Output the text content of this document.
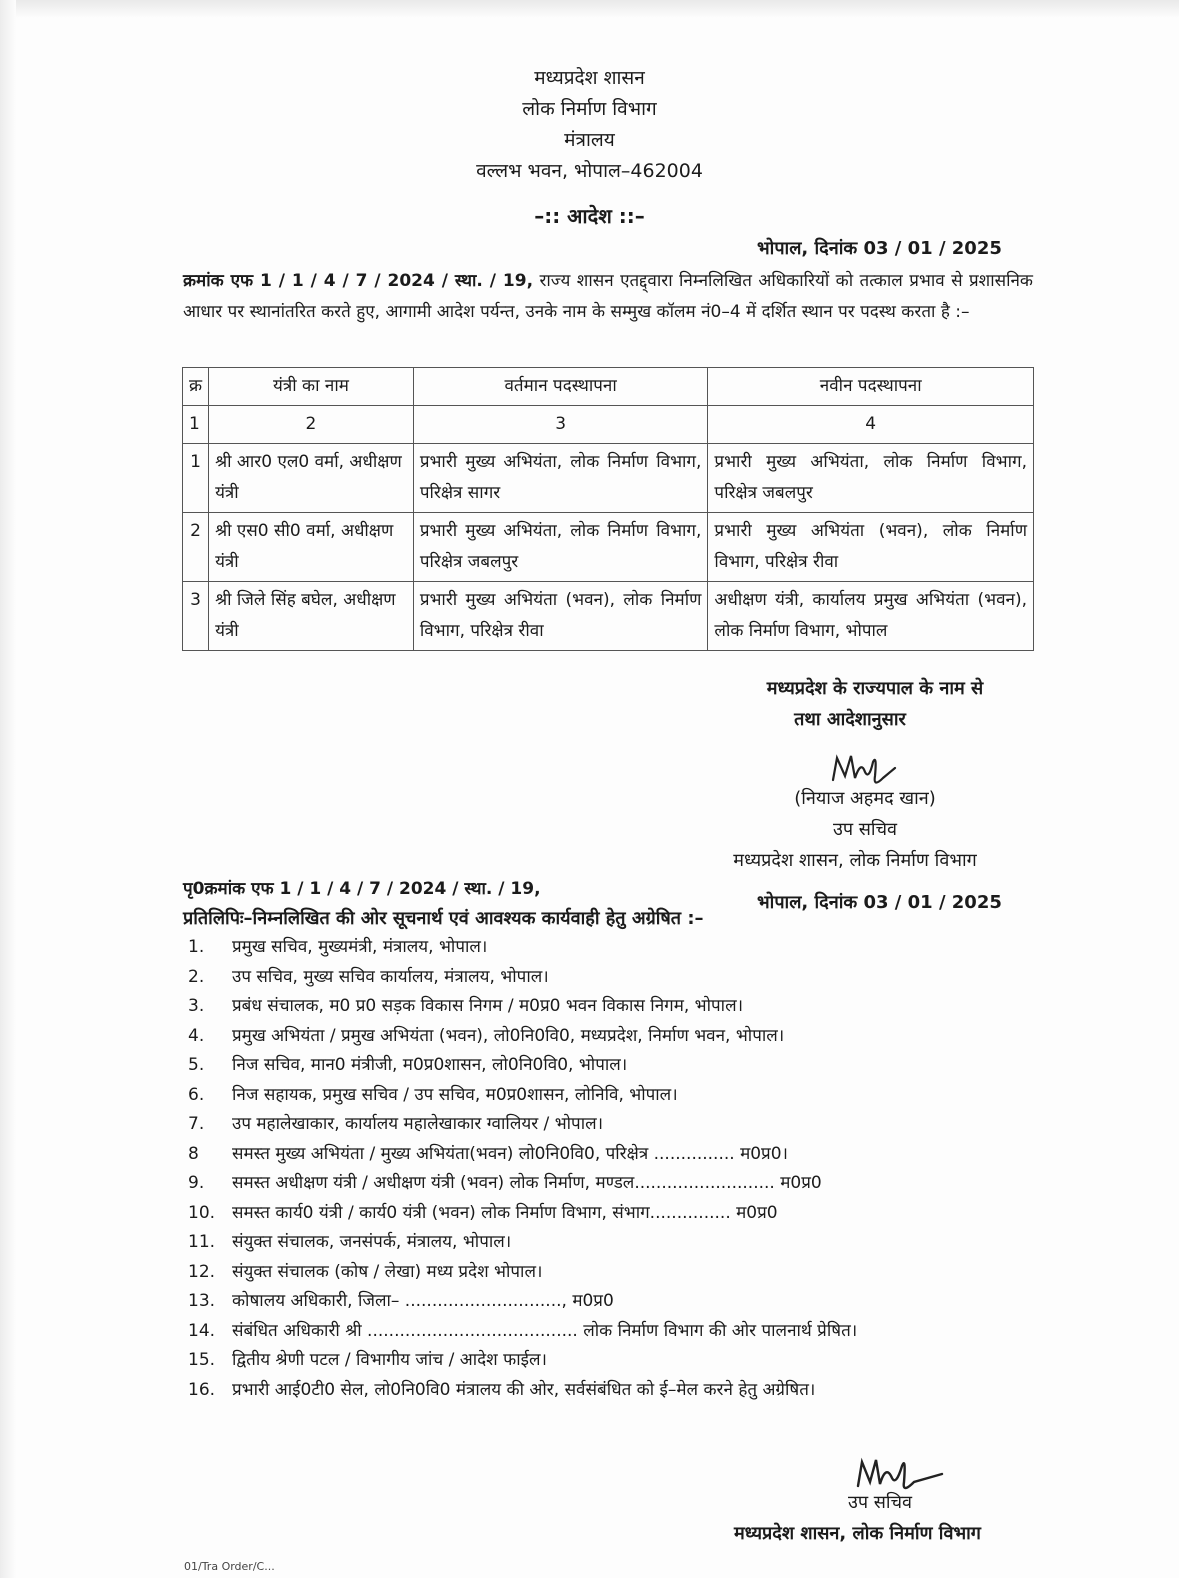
मध्यप्रदेश शासन
लोक निर्माण विभाग
मंत्रालय
वल्लभ भवन, भोपाल–462004
–:: आदेश ::–
भोपाल, दिनांक 03 / 01 / 2025
क्रमांक एफ 1 / 1 / 4 / 7 / 2024 / स्था. / 19, राज्य शासन एतद्द्वारा निम्नलिखित अधिकारियों को तत्काल प्रभाव से प्रशासनिक आधार पर स्थानांतरित करते हुए, आगामी आदेश पर्यन्त, उनके नाम के सम्मुख कॉलम नं0–4 में दर्शित स्थान पर पदस्थ करता है :–
क्र	यंत्री का नाम	वर्तमान पदस्थापना	नवीन पदस्थापना
1	2	3	4
1	श्री आर0 एल0 वर्मा, अधीक्षण यंत्री	प्रभारी मुख्य अभियंता, लोक निर्माण विभाग, परिक्षेत्र सागर	प्रभारी मुख्य अभियंता, लोक निर्माण विभाग, परिक्षेत्र जबलपुर
2	श्री एस0 सी0 वर्मा, अधीक्षण यंत्री	प्रभारी मुख्य अभियंता, लोक निर्माण विभाग, परिक्षेत्र जबलपुर	प्रभारी मुख्य अभियंता (भवन), लोक निर्माण विभाग, परिक्षेत्र रीवा
3	श्री जिले सिंह बघेल, अधीक्षण यंत्री	प्रभारी मुख्य अभियंता (भवन), लोक निर्माण विभाग, परिक्षेत्र रीवा	अधीक्षण यंत्री, कार्यालय प्रमुख अभियंता (भवन), लोक निर्माण विभाग, भोपाल
मध्यप्रदेश के राज्यपाल के नाम से
तथा आदेशानुसार
(नियाज अहमद खान)
उप सचिव
मध्यप्रदेश शासन, लोक निर्माण विभाग
पृ0क्रमांक एफ 1 / 1 / 4 / 7 / 2024 / स्था. / 19,
भोपाल, दिनांक 03 / 01 / 2025
प्रतिलिपिः–निम्नलिखित की ओर सूचनार्थ एवं आवश्यक कार्यवाही हेतु अग्रेषित :–
1.	प्रमुख सचिव, मुख्यमंत्री, मंत्रालय, भोपाल।
2.	उप सचिव, मुख्य सचिव कार्यालय, मंत्रालय, भोपाल।
3.	प्रबंध संचालक, म0 प्र0 सड़क विकास निगम / म0प्र0 भवन विकास निगम, भोपाल।
4.	प्रमुख अभियंता / प्रमुख अभियंता (भवन), लो0नि0वि0, मध्यप्रदेश, निर्माण भवन, भोपाल।
5.	निज सचिव, मान0 मंत्रीजी, म0प्र0शासन, लो0नि0वि0, भोपाल।
6.	निज सहायक, प्रमुख सचिव / उप सचिव, म0प्र0शासन, लोनिवि, भोपाल।
7.	उप महालेखाकार, कार्यालय महालेखाकार ग्वालियर / भोपाल।
8	समस्त मुख्य अभियंता / मुख्य अभियंता(भवन) लो0नि0वि0, परिक्षेत्र ............... म0प्र0।
9.	समस्त अधीक्षण यंत्री / अधीक्षण यंत्री (भवन) लोक निर्माण, मण्डल.......................... म0प्र0
10. समस्त कार्य0 यंत्री / कार्य0 यंत्री (भवन) लोक निर्माण विभाग, संभाग............... म0प्र0
11. संयुक्त संचालक, जनसंपर्क, मंत्रालय, भोपाल।
12. संयुक्त संचालक (कोष / लेखा) मध्य प्रदेश भोपाल।
13. कोषालय अधिकारी, जिला– ............................., म0प्र0
14. संबंधित अधिकारी श्री ....................................... लोक निर्माण विभाग की ओर पालनार्थ प्रेषित।
15. द्वितीय श्रेणी पटल / विभागीय जांच / आदेश फाईल।
16. प्रभारी आई0टी0 सेल, लो0नि0वि0 मंत्रालय की ओर, सर्वसंबंधित को ई–मेल करने हेतु अग्रेषित।
उप सचिव
मध्यप्रदेश शासन, लोक निर्माण विभाग
01/Tra Order/C...
